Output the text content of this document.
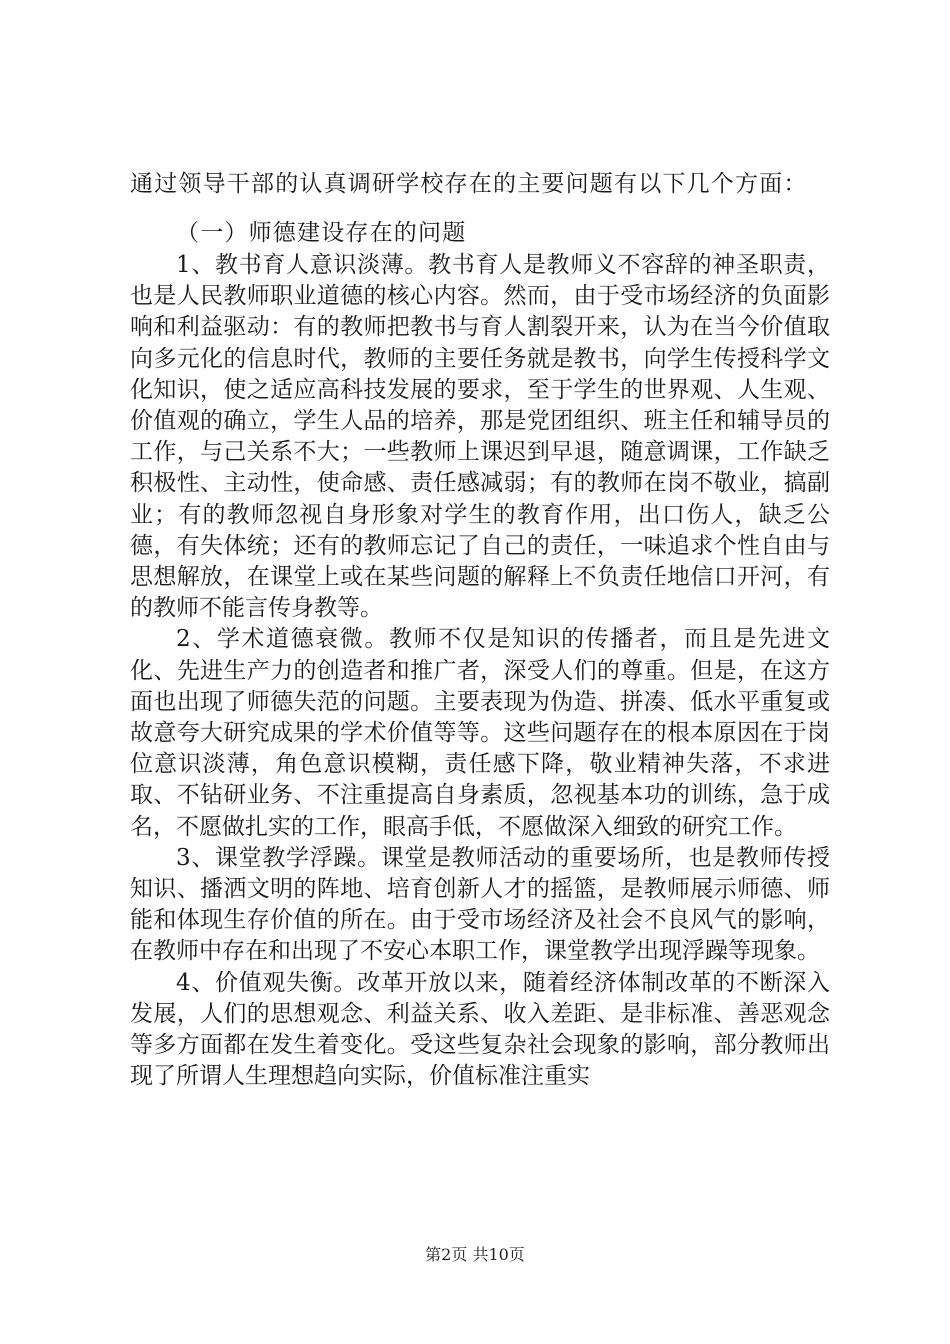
通过领导干部的认真调研学校存在的主要问题有以下几个方面：

（一）师德建设存在的问题

1、教书育人意识淡薄。教书育人是教师义不容辞的神圣职责，也是人民教师职业道德的核心内容。然而，由于受市场经济的负面影响和利益驱动：有的教师把教书与育人割裂开来，认为在当今价值取向多元化的信息时代，教师的主要任务就是教书，向学生传授科学文化知识，使之适应高科技发展的要求，至于学生的世界观、人生观、价值观的确立，学生人品的培养，那是党团组织、班主任和辅导员的工作，与己关系不大；一些教师上课迟到早退，随意调课，工作缺乏积极性、主动性，使命感、责任感减弱；有的教师在岗不敬业，搞副业；有的教师忽视自身形象对学生的教育作用，出口伤人，缺乏公德，有失体统；还有的教师忘记了自己的责任，一味追求个性自由与思想解放，在课堂上或在某些问题的解释上不负责任地信口开河，有的教师不能言传身教等。

2、学术道德衰微。教师不仅是知识的传播者，而且是先进文化、先进生产力的创造者和推广者，深受人们的尊重。但是，在这方面也出现了师德失范的问题。主要表现为伪造、拼凑、低水平重复或故意夸大研究成果的学术价值等等。这些问题存在的根本原因在于岗位意识淡薄，角色意识模糊，责任感下降，敬业精神失落，不求进取、不钻研业务、不注重提高自身素质，忽视基本功的训练，急于成名，不愿做扎实的工作，眼高手低，不愿做深入细致的研究工作。

3、课堂教学浮躁。课堂是教师活动的重要场所，也是教师传授知识、播洒文明的阵地、培育创新人才的摇篮，是教师展示师德、师能和体现生存价值的所在。由于受市场经济及社会不良风气的影响，在教师中存在和出现了不安心本职工作，课堂教学出现浮躁等现象。

4、价值观失衡。改革开放以来，随着经济体制改革的不断深入发展，人们的思想观念、利益关系、收入差距、是非标准、善恶观念等多方面都在发生着变化。受这些复杂社会现象的影响，部分教师出现了所谓人生理想趋向实际，价值标准注重实

第2页 共10页
